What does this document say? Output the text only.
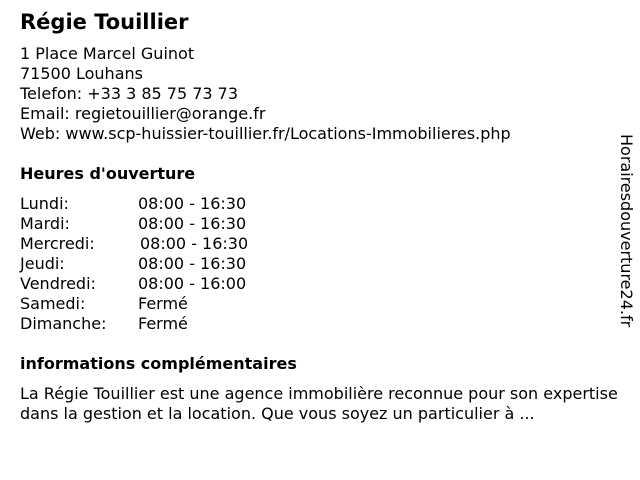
Régie Touillier
1 Place Marcel Guinot
71500 Louhans
Telefon: +33 3 85 75 73 73
Email: regietouillier@orange.fr
Web: www.scp-huissier-touillier.fr/Locations-Immobilieres.php
Heures d'ouverture
Lundi:	08:00 - 16:30
Mardi:	08:00 - 16:30
Mercredi:	08:00 - 16:30
Jeudi:	08:00 - 16:30
Vendredi:	08:00 - 16:00
Samedi:	Fermé
Dimanche: Fermé
informations complémentaires
La Régie Touillier est une agence immobilière reconnue pour son expertise dans la gestion et la location. Que vous soyez un particulier à ...
Horairesdouverture24.fr
